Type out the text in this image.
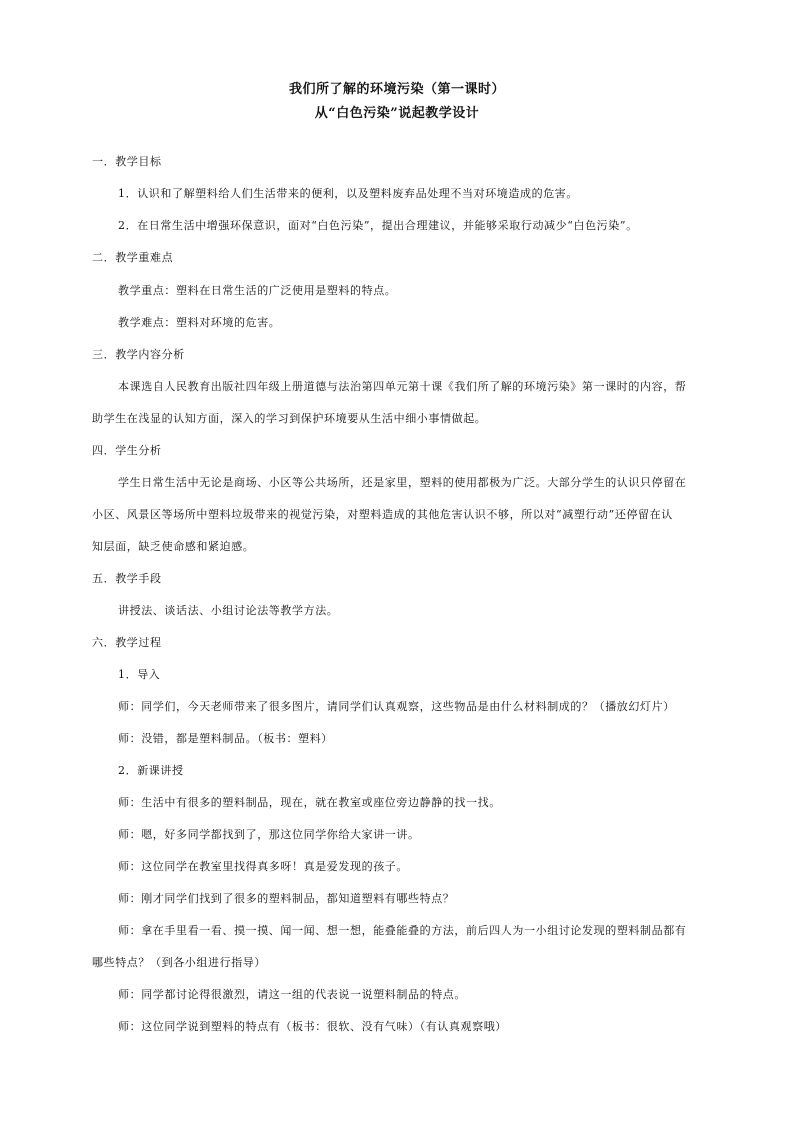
我们所了解的环境污染（第一课时）
从“白色污染”说起教学设计
一．教学目标
1．认识和了解塑料给人们生活带来的便利，以及塑料废弃品处理不当对环境造成的危害。
2．在日常生活中增强环保意识，面对“白色污染”，提出合理建议，并能够采取行动减少“白色污染”。
二．教学重难点
教学重点：塑料在日常生活的广泛使用是塑料的特点。
教学难点：塑料对环境的危害。
三．教学内容分析
本课选自人民教育出版社四年级上册道德与法治第四单元第十课《我们所了解的环境污染》第一课时的内容，帮
助学生在浅显的认知方面，深入的学习到保护环境要从生活中细小事情做起。
四．学生分析
学生日常生活中无论是商场、小区等公共场所，还是家里，塑料的使用都极为广泛。大部分学生的认识只停留在
小区、风景区等场所中塑料垃圾带来的视觉污染，对塑料造成的其他危害认识不够，所以对“减塑行动”还停留在认
知层面，缺乏使命感和紧迫感。
五．教学手段
讲授法、谈话法、小组讨论法等教学方法。
六．教学过程
1．导入
师：同学们，今天老师带来了很多图片，请同学们认真观察，这些物品是由什么材料制成的？（播放幻灯片）
师：没错，都是塑料制品。（板书：塑料）
2．新课讲授
师：生活中有很多的塑料制品，现在，就在教室或座位旁边静静的找一找。
师：嗯，好多同学都找到了，那这位同学你给大家讲一讲。
师：这位同学在教室里找得真多呀！真是爱发现的孩子。
师：刚才同学们找到了很多的塑料制品，都知道塑料有哪些特点？
师：拿在手里看一看、摸一摸、闻一闻、想一想，能叠能叠的方法，前后四人为一小组讨论发现的塑料制品都有
哪些特点？（到各小组进行指导）
师：同学都讨论得很激烈，请这一组的代表说一说塑料制品的特点。
师：这位同学说到塑料的特点有（板书：很软、没有气味）（有认真观察哦）
